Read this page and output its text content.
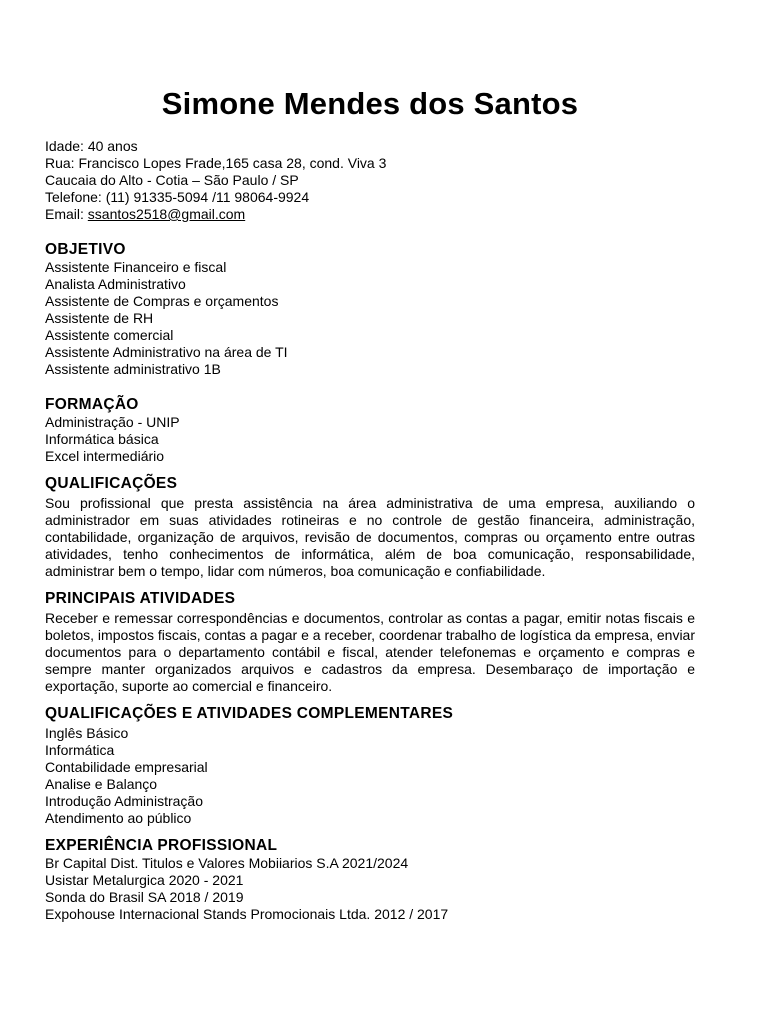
Simone Mendes dos Santos
Idade: 40 anos
Rua: Francisco Lopes Frade,165 casa 28, cond. Viva 3
Caucaia do Alto - Cotia – São Paulo / SP
Telefone: (11) 91335-5094 /11 98064-9924
Email: ssantos2518@gmail.com
OBJETIVO
Assistente Financeiro e fiscal
Analista Administrativo
Assistente de Compras e orçamentos
Assistente de RH
Assistente comercial
Assistente Administrativo na área de TI
Assistente administrativo 1B
FORMAÇÃO
Administração - UNIP
Informática básica
Excel intermediário
QUALIFICAÇÕES
Sou profissional que presta assistência na área administrativa de uma empresa, auxiliando o administrador em suas atividades rotineiras e no controle de gestão financeira, administração, contabilidade, organização de arquivos, revisão de documentos, compras ou orçamento entre outras atividades, tenho conhecimentos de informática, além de boa comunicação, responsabilidade, administrar bem o tempo, lidar com números, boa comunicação e confiabilidade.
PRINCIPAIS ATIVIDADES
Receber e remessar correspondências e documentos, controlar as contas a pagar, emitir notas fiscais e boletos, impostos fiscais, contas a pagar e a receber, coordenar trabalho de logística da empresa, enviar documentos para o departamento contábil e fiscal, atender telefonemas e orçamento e compras e sempre manter organizados arquivos e cadastros da empresa. Desembaraço de importação e exportação, suporte ao comercial e financeiro.
QUALIFICAÇÕES E ATIVIDADES COMPLEMENTARES
Inglês Básico
Informática
Contabilidade empresarial
Analise e Balanço
Introdução Administração
Atendimento ao público
EXPERIÊNCIA PROFISSIONAL
Br Capital Dist. Titulos e Valores Mobiiarios S.A 2021/2024
Usistar Metalurgica 2020 - 2021
Sonda do Brasil SA 2018 / 2019
Expohouse Internacional Stands Promocionais Ltda. 2012 / 2017
